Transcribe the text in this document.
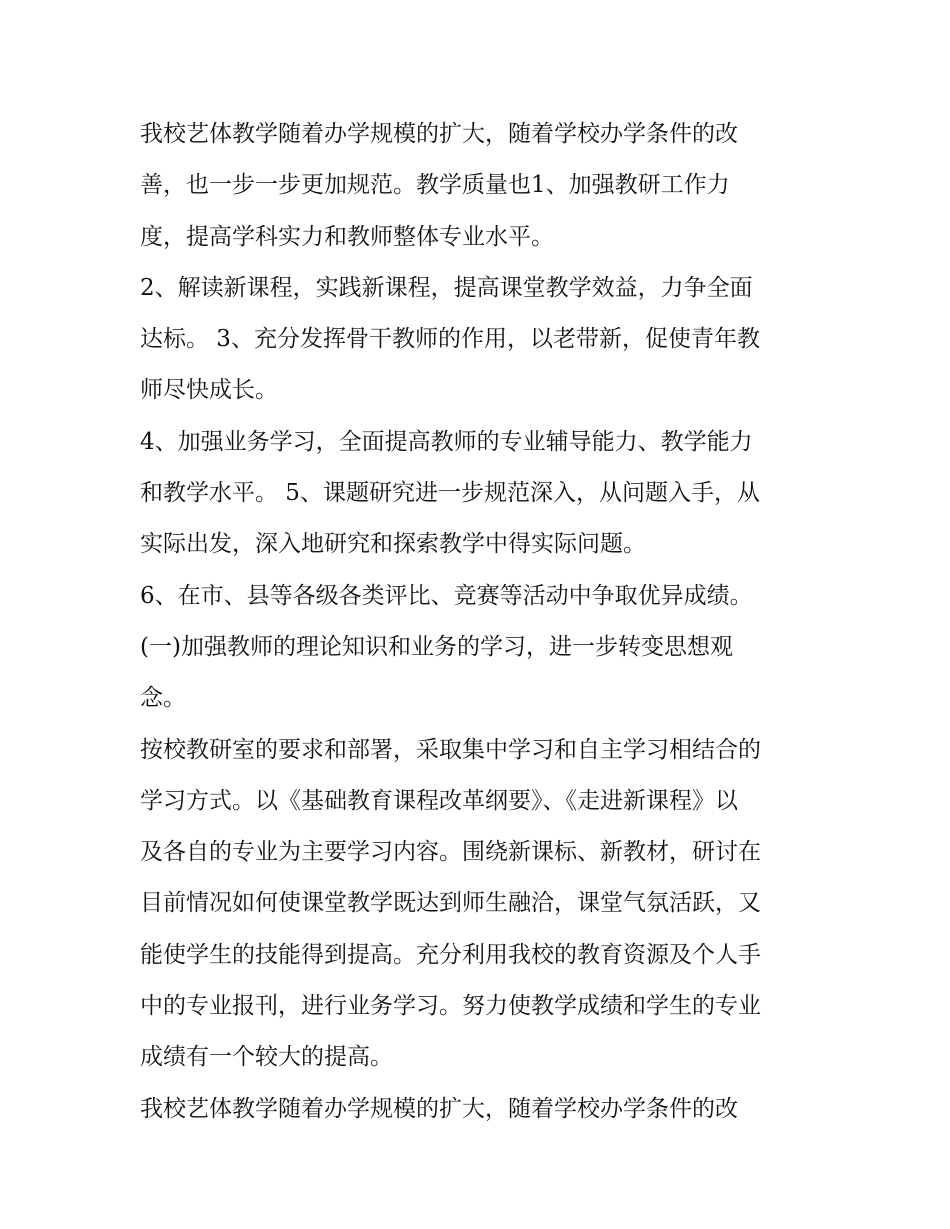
我校艺体教学随着办学规模的扩大，随着学校办学条件的改
善，也一步一步更加规范。教学质量也1、加强教研工作力
度，提高学科实力和教师整体专业水平。
2、解读新课程，实践新课程，提高课堂教学效益，力争全面
达标。 3、充分发挥骨干教师的作用，以老带新，促使青年教
师尽快成长。
4、加强业务学习，全面提高教师的专业辅导能力、教学能力
和教学水平。 5、课题研究进一步规范深入，从问题入手，从
实际出发，深入地研究和探索教学中得实际问题。
6、在市、县等各级各类评比、竞赛等活动中争取优异成绩。
(一)加强教师的理论知识和业务的学习，进一步转变思想观
念。
按校教研室的要求和部署，采取集中学习和自主学习相结合的
学习方式。以《基础教育课程改革纲要》、《走进新课程》以
及各自的专业为主要学习内容。围绕新课标、新教材，研讨在
目前情况如何使课堂教学既达到师生融洽，课堂气氛活跃，又
能使学生的技能得到提高。充分利用我校的教育资源及个人手
中的专业报刊，进行业务学习。努力使教学成绩和学生的专业
成绩有一个较大的提高。
我校艺体教学随着办学规模的扩大，随着学校办学条件的改
